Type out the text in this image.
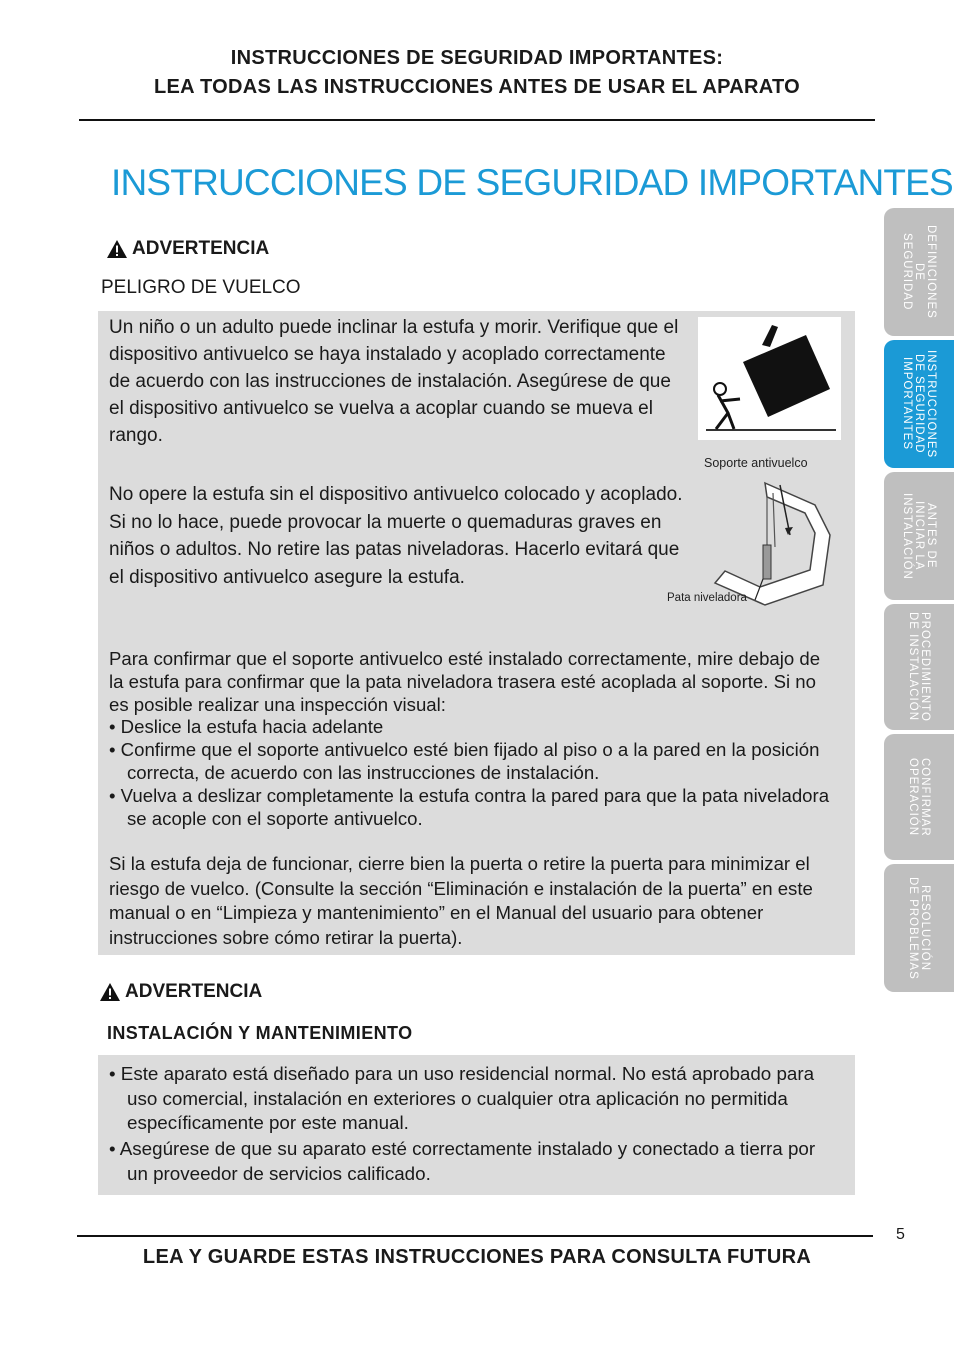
INSTRUCCIONES DE SEGURIDAD IMPORTANTES:
LEA TODAS LAS INSTRUCCIONES ANTES DE USAR EL APARATO
INSTRUCCIONES DE SEGURIDAD IMPORTANTES
ADVERTENCIA
PELIGRO DE VUELCO
Un niño o un adulto puede inclinar la estufa y morir. Verifique que el dispositivo antivuelco se haya instalado y acoplado correctamente de acuerdo con las instrucciones de instalación. Asegúrese de que el dispositivo antivuelco se vuelva a acoplar cuando se mueva el rango.
Soporte antivuelco
Pata niveladora
No opere la estufa sin el dispositivo antivuelco colocado y acoplado. Si no lo hace, puede provocar la muerte o quemaduras graves en niños o adultos. No retire las patas niveladoras. Hacerlo evitará que el dispositivo antivuelco asegure la estufa.
Para confirmar que el soporte antivuelco esté instalado correctamente, mire debajo de la estufa para confirmar que la pata niveladora trasera esté acoplada al soporte. Si no es posible realizar una inspección visual:
• Deslice la estufa hacia adelante
• Confirme que el soporte antivuelco esté bien fijado al piso o a la pared en la posición correcta, de acuerdo con las instrucciones de instalación.
• Vuelva a deslizar completamente la estufa contra la pared para que la pata niveladora se acople con el soporte antivuelco.
Si la estufa deja de funcionar, cierre bien la puerta o retire la puerta para minimizar el riesgo de vuelco. (Consulte la sección “Eliminación e instalación de la puerta” en este manual o en “Limpieza y mantenimiento” en el Manual del usuario para obtener instrucciones sobre cómo retirar la puerta).
ADVERTENCIA
INSTALACIÓN Y MANTENIMIENTO
• Este aparato está diseñado para un uso residencial normal. No está aprobado para uso comercial, instalación en exteriores o cualquier otra aplicación no permitida específicamente por este manual.
• Asegúrese de que su aparato esté correctamente instalado y conectado a tierra por un proveedor de servicios calificado.
5
LEA Y GUARDE ESTAS INSTRUCCIONES PARA CONSULTA FUTURA
DEFINICIONES
DE
SEGURIDAD
INSTRUCCIONES
DE SEGURIDAD
IMPORTANTES
ANTES DE
INICIAR LA
INSTALACIÓN
PROCEDIMIENTO
DE INSTALACIÓN
CONFIRMAR
OPERACIÓN
RESOLUCIÓN
DE PROBLEMAS
